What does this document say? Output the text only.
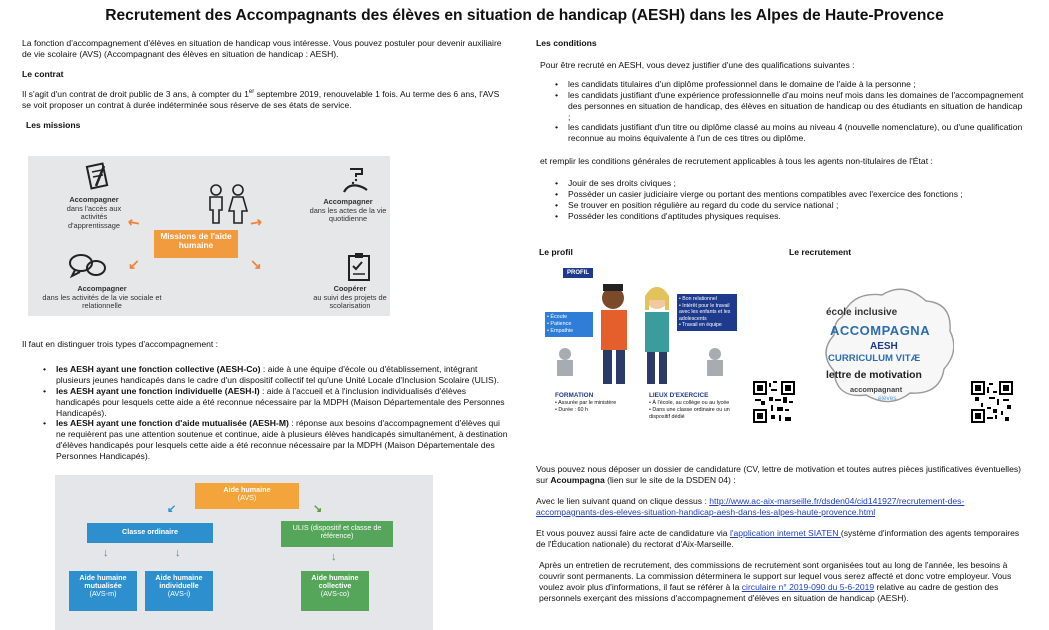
Recrutement des Accompagnants des élèves en situation de handicap (AESH) dans les Alpes de Haute-Provence

La fonction d'accompagnement d'élèves en situation de handicap vous intéresse. Vous pouvez postuler pour devenir auxiliaire de vie scolaire (AVS) (Accompagnant des élèves en situation de handicap : AESH).

Le contrat

Il s'agit d'un contrat de droit public de 3 ans, à compter du 1er septembre 2019, renouvelable 1 fois. Au terme des 6 ans, l'AVS se voit proposer un contrat à durée indéterminée sous réserve de ses états de service.

Les missions

Accompagner
dans l'accès aux activités d'apprentissage
Accompagner
dans les actes de la vie quotidienne
Missions de l'aide humaine
↖	↗
↙	↘
Accompagner
dans les activités de la vie sociale et relationnelle
Coopérer
au suivi des projets de scolarisation

Il faut en distinguer trois types d'accompagnement :

• les AESH ayant une fonction collective (AESH-Co) : aide à une équipe d'école ou d'établissement, intégrant plusieurs jeunes handicapés dans le cadre d'un dispositif collectif tel qu'une Unité Locale d'Inclusion Scolaire (ULIS).
• les AESH ayant une fonction individuelle (AESH-I) : aide à l'accueil et à l'inclusion individualisés d'élèves handicapés pour lesquels cette aide a été reconnue nécessaire par la MDPH (Maison Départementale des Personnes Handicapés).
• les AESH ayant une fonction d'aide mutualisée (AESH-M) : réponse aux besoins d'accompagnement d'élèves qui ne requièrent pas une attention soutenue et continue, aide à plusieurs élèves handicapés simultanément, à destination d'élèves handicapés pour lesquels cette aide a été reconnue nécessaire par la MDPH (Maison Départementale des Personnes Handicapés).
Aide humaine
(AVS)
↙	↘
Classe ordinaire	ULIS (dispositif et classe de référence)
↓	↓	↓
Aide humaine mutualisée
(AVS-m)
Aide humaine individuelle
(AVS-i)
Aide humaine collective
(AVS-co)

Les conditions

Pour être recruté en AESH, vous devez justifier d'une des qualifications suivantes :

• les candidats titulaires d'un diplôme professionnel dans le domaine de l'aide à la personne ;
• les candidats justifiant d'une expérience professionnelle d'au moins neuf mois dans les domaines de l'accompagnement des personnes en situation de handicap, des élèves en situation de handicap ou des étudiants en situation de handicap ;
• les candidats justifiant d'un titre ou diplôme classé au moins au niveau 4 (nouvelle nomenclature), ou d'une qualification reconnue au moins équivalente à l'un de ces titres ou diplôme.

et remplir les conditions générales de recrutement applicables à tous les agents non-titulaires de l'État :

• Jouir de ses droits civiques ;
• Posséder un casier judiciaire vierge ou portant des mentions compatibles avec l'exercice des fonctions ;
• Se trouver en position régulière au regard du code du service national ;
• Posséder les conditions d'aptitudes physiques requises.
Le profil	Le recrutement
PROFIL
• Écoute
• Patience
• Empathie
• Bon relationnel
• Intérêt pour le travail avec les enfants et les adolescents
• Travail en équipe
FORMATION
• Assurée par le ministère
• Durée : 60 h
LIEUX D'EXERCICE
• À l'école, au collège ou au lycée
• Dans une classe ordinaire ou un dispositif dédié
école inclusive
ACCOMPAGNA
AESH
CURRICULUM VITÆ
lettre de motivation
accompagnant
élèves

Vous pouvez nous déposer un dossier de candidature (CV, lettre de motivation et toutes autres pièces justificatives éventuelles) sur Acoumpagna (lien sur le site de la DSDEN 04) :

Avec le lien suivant quand on clique dessus : http://www.ac-aix-marseille.fr/dsden04/cid141927/recrutement-des-accompagnants-des-eleves-situation-handicap-aesh-dans-les-alpes-haute-provence.html

Et vous pouvez aussi faire acte de candidature via l'application internet SIATEN (système d'information des agents temporaires de l'Éducation nationale) du rectorat d'Aix-Marseille.

Après un entretien de recrutement, des commissions de recrutement sont organisées tout au long de l'année, les besoins à couvrir sont permanents. La commission déterminera le support sur lequel vous serez affecté et donc votre employeur. Vous voulez avoir plus d'informations, il faut se référer à la circulaire n° 2019-090 du 5-6-2019 relative au cadre de gestion des personnels exerçant des missions d'accompagnement d'élèves en situation de handicap (AESH).
